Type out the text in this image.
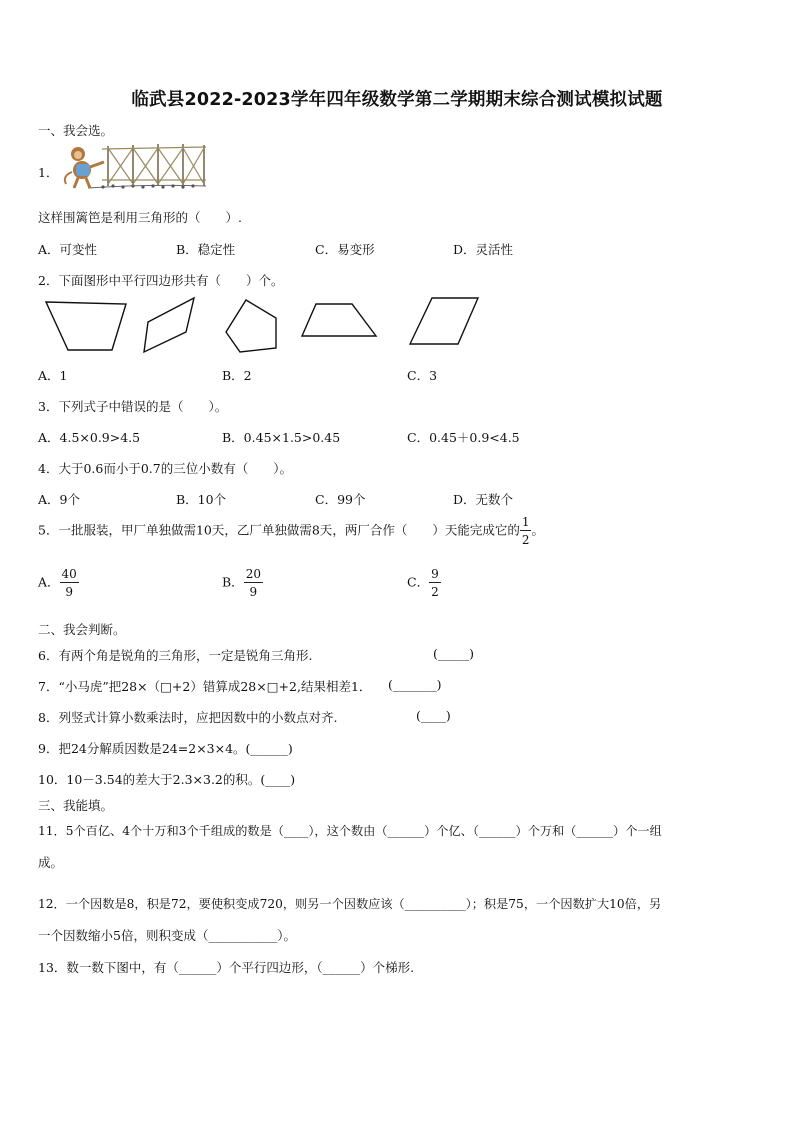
临武县2022-2023学年四年级数学第二学期期末综合测试模拟试题
一、我会选。
1．
这样围篱笆是利用三角形的（　　）.
A．可变性	B．稳定性	C．易变形	D．灵活性
2．下面图形中平行四边形共有（　　）个。
A．1	B．2	C．3
3．下列式子中错误的是（　　）。
A．4.5×0.9>4.5	B．0.45×1.5>0.45	C．0.45＋0.9<4.5
4．大于0.6而小于0.7的三位小数有（　　）。
A．9个	B．10个	C．99个	D．无数个
5．一批服装，甲厂单独做需10天，乙厂单独做需8天，两厂合作（　　）天能完成它的 $\frac{1}{2}$ 。
A． $\frac{40}{9}$	B． $\frac{20}{9}$	C． $\frac{9}{2}$
二、我会判断。
6．有两个角是锐角的三角形，一定是锐角三角形.	(_____)
7．“小马虎”把28×（□+2）错算成28×□+2,结果相差1． (_______)
8．列竖式计算小数乘法时，应把因数中的小数点对齐.	(____)
9．把24分解质因数是24=2×3×4。(______)
10．10－3.54的差大于2.3×3.2的积。(____)
三、我能填。
11．5个百亿、4个十万和3个千组成的数是（____），这个数由（______）个亿、（______）个万和（______）个一组
成。
12．一个因数是8，积是72，要使积变成720，则另一个因数应该（__________）；积是75，一个因数扩大10倍，另
一个因数缩小5倍，则积变成（___________）。
13．数一数下图中，有（______）个平行四边形，（______）个梯形.
